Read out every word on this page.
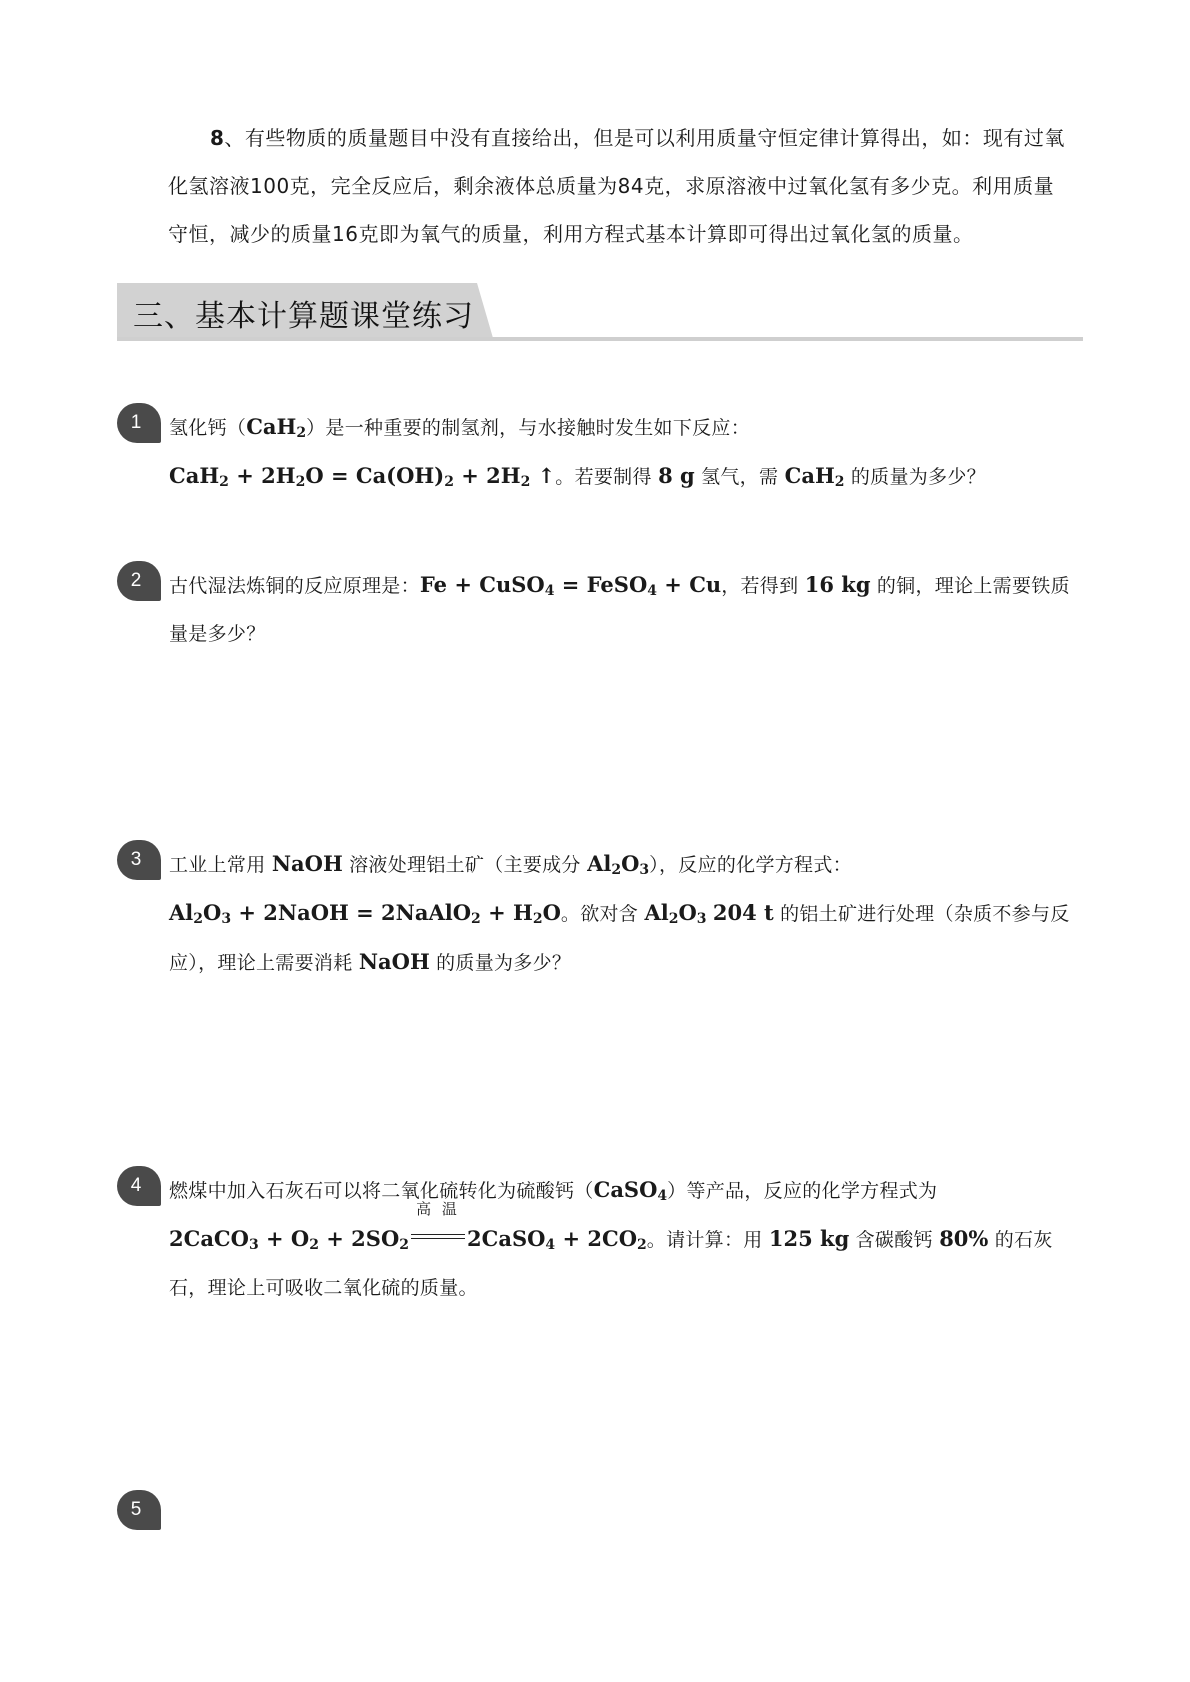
8、有些物质的质量题目中没有直接给出，但是可以利用质量守恒定律计算得出，如：现有过氧化氢溶液100克，完全反应后，剩余液体总质量为84克，求原溶液中过氧化氢有多少克。利用质量守恒，减少的质量16克即为氧气的质量，利用方程式基本计算即可得出过氧化氢的质量。
三、基本计算题课堂练习
1	氢化钙（CaH$_2$）是一种重要的制氢剂，与水接触时发生如下反应：
$CaH_2 + 2H_2O = Ca(OH)_2 + 2H_2$ ↑。若要制得 8 g 氢气，需 CaH$_2$ 的质量为多少？
2	古代湿法炼铜的反应原理是：Fe + CuSO$_4$ = FeSO$_4$ + Cu，若得到 16 kg 的铜，理论上需要铁质量是多少？
3	工业上常用 NaOH 溶液处理铝土矿（主要成分 $Al_2O_3$），反应的化学方程式：
$Al_2O_3$ + 2NaOH = 2NaAlO$_2$ + $H_2O$。欲对含 $Al_2O_3$ 204 t 的铝土矿进行处理（杂质不参与反应），理论上需要消耗 NaOH 的质量为多少？
4	燃煤中加入石灰石可以将二氧化硫转化为硫酸钙（CaSO$_4$）等产品，反应的化学方程式为
2CaCO$_3$ + $O_2 + 2SO_2$
高 温
2CaSO$_4$ + $2CO_2$。请计算：用 125 kg 含碳酸钙 80% 的石灰石，理论上可吸收二氧化硫的质量。
5
